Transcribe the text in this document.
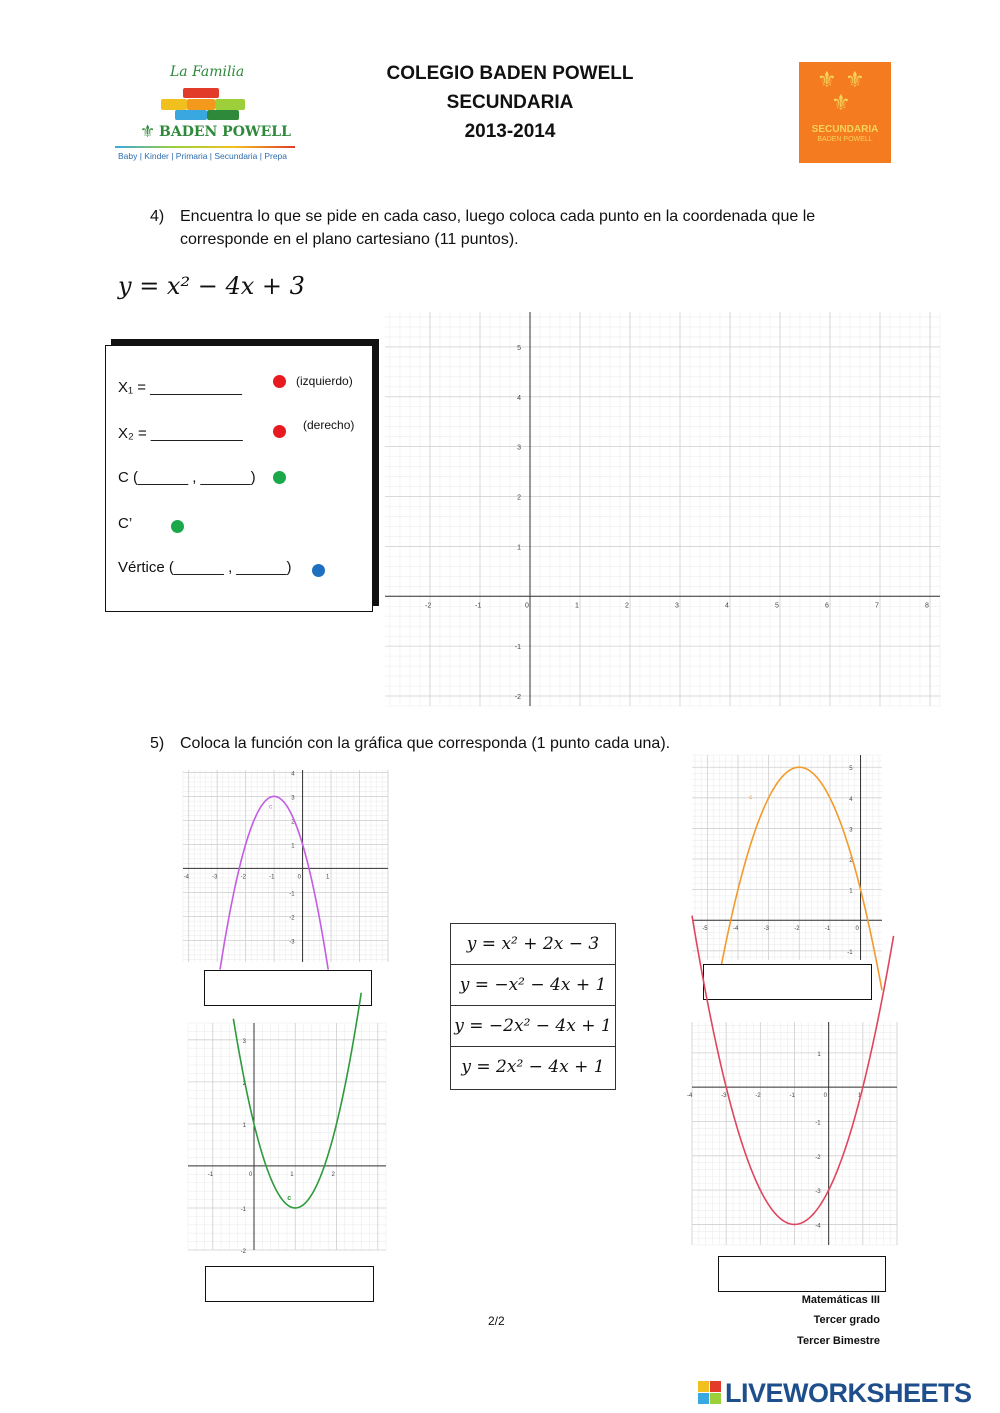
La Familia
⚜ BADEN POWELL
Baby | Kinder | Primaria | Secundaria | Prepa
COLEGIO BADEN POWELL
SECUNDARIA
2013-2014
⚜ ⚜
⚜
SECUNDARIA
BADEN POWELL
4) Encuentra lo que se pide en cada caso, luego coloca cada punto en la coordenada que le corresponde en el plano cartesiano (11 puntos).
y = x² − 4x + 3
X₁ = ___________	(izquierdo)
X₂ = ___________	(derecho)
C (______ , ______)
C’
Vértice (______ , ______)
-2	-1	0	1	2	3	4	5	6	7	8
5
4
3
2
1
-1
-2
5) Coloca la función con la gráfica que corresponda (1 punto cada una).
-4	-3	-2	-1	0	1
4
3
2
1
-1
-2
-3
c
-5	-4	-3	-2	-1	0
5
4
3
2
1
-1
c
-1	0	1	2
3
2
1
-1
-2
c
-4	-3	-2	-1	0	1
1
-1
-2
-3
-4
y = x² + 2x − 3
y = −x² − 4x + 1
y = −2x² − 4x + 1
y = 2x² − 4x + 1
2/2
Matemáticas III
Tercer grado
Tercer Bimestre
LIVEWORKSHEETS
